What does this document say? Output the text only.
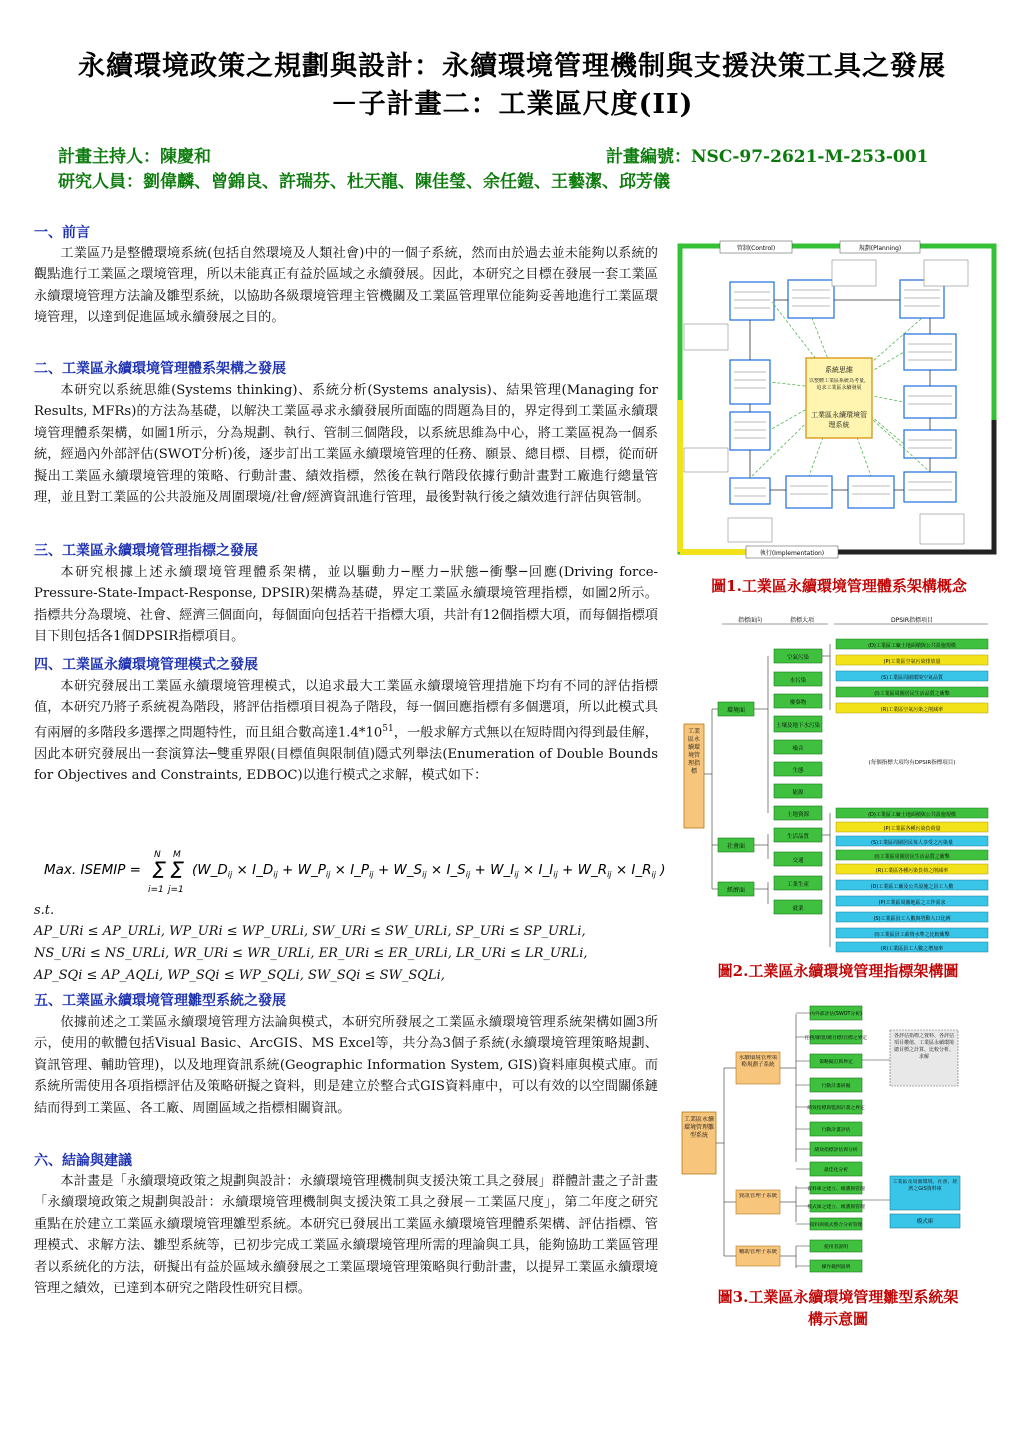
永續環境政策之規劃與設計：永續環境管理機制與支援決策工具之發展
－子計畫二：工業區尺度(II)
計畫主持人：陳慶和	計畫編號：NSC-97-2621-M-253-001
研究人員：劉偉麟、曾錦良、許瑞芬、杜天龍、陳佳瑩、余任鎧、王藝潔、邱芳儀
一、前言
工業區乃是整體環境系統(包括自然環境及人類社會)中的一個子系統，然而由於過去並未能夠以系統的觀點進行工業區之環境管理，所以未能真正有益於區域之永續發展。因此，本研究之目標在發展一套工業區永續環境管理方法論及雛型系統，以協助各級環境管理主管機關及工業區管理單位能夠妥善地進行工業區環境管理，以達到促進區域永續發展之目的。
二、工業區永續環境管理體系架構之發展
本研究以系統思維(Systems thinking)、系統分析(Systems analysis)、結果管理(Managing for Results, MFRs)的方法為基礎，以解決工業區尋求永續發展所面臨的問題為目的，界定得到工業區永續環境管理體系架構，如圖1所示，分為規劃、執行、管制三個階段，以系統思維為中心，將工業區視為一個系統，經過內外部評估(SWOT分析)後，逐步訂出工業區永續環境管理的任務、願景、總目標、目標，從而研擬出工業區永續環境管理的策略、行動計畫、績效指標，然後在執行階段依據行動計畫對工廠進行總量管理，並且對工業區的公共設施及周圍環境/社會/經濟資訊進行管理，最後對執行後之績效進行評估與管制。
三、工業區永續環境管理指標之發展
本研究根據上述永續環境管理體系架構，並以驅動力─壓力─狀態─衝擊─回應(Driving force-Pressure-State-Impact-Response, DPSIR)架構為基礎，界定工業區永續環境管理指標，如圖2所示。指標共分為環境、社會、經濟三個面向，每個面向包括若干指標大項，共計有12個指標大項，而每個指標項目下則包括各1個DPSIR指標項目。
四、工業區永續環境管理模式之發展
本研究發展出工業區永續環境管理模式，以追求最大工業區永續環境管理措施下均有不同的評估指標值，本研究乃將子系統視為階段，將評估指標項目視為子階段，每一個回應指標有多個選項，所以此模式具有兩層的多階段多選擇之問題特性，而且組合數高達$1.4*10^{51}$，一般求解方式無以在短時間內得到最佳解，因此本研究發展出一套演算法─雙重界限(目標值與限制值)隱式列舉法(Enumeration of Double Bounds for Objectives and Constraints, EDBOC)以進行模式之求解，模式如下：
Max. ISEMIP = Σ Σ
N M
i=1 j=1
($W\_D_{ij}$ × $I\_D_{ij}$ + $W\_P_{ij}$ × $I\_P_{ij}$ + $W\_S_{ij}$ × $I\_S_{ij}$ + $W\_I_{ij}$ × $I\_I_{ij}$ + $W\_R_{ij}$ × $I\_R_{ij}$ )
s.t.
AP_URi ≤ AP_URLi, WP_URi ≤ WP_URLi, SW_URi ≤ SW_URLi, SP_URi ≤ SP_URLi,
NS_URi ≤ NS_URLi, WR_URi ≤ WR_URLi, ER_URi ≤ ER_URLi, LR_URi ≤ LR_URLi,
AP_SQi ≤ AP_AQLi, WP_SQi ≤ WP_SQLi, SW_SQi ≤ SW_SQLi,
五、工業區永續環境管理雛型系統之發展
依據前述之工業區永續環境管理方法論與模式，本研究所發展之工業區永續環境管理系統架構如圖3所示，使用的軟體包括Visual Basic、ArcGIS、MS Excel等，共分為3個子系統(永續環境管理策略規劃、資訊管理、輔助管理)，以及地理資訊系統(Geographic Information System, GIS)資料庫與模式庫。而系統所需使用各項指標評估及策略研擬之資料，則是建立於整合式GIS資料庫中，可以有效的以空間關係鏈結而得到工業區、各工廠、周圍區域之指標相關資訊。
六、結論與建議
本計畫是「永續環境政策之規劃與設計：永續環境管理機制與支援決策工具之發展」群體計畫之子計畫「永續環境政策之規劃與設計：永續環境管理機制與支援決策工具之發展－工業區尺度」，第二年度之研究重點在於建立工業區永續環境管理雛型系統。本研究已發展出工業區永續環境管理體系架構、評估指標、管理模式、求解方法、雛型系統等，已初步完成工業區永續環境管理所需的理論與工具，能夠協助工業區管理者以系統化的方法，研擬出有益於區域永續發展之工業區環境管理策略與行動計畫，以提昇工業區永續環境管理之績效，已達到本研究之階段性研究目標。
管制(Control)	規劃(Planning)
執行(Implementation)
系統思維
以整體工業區系統為考量，追求工業區永續發展
工業區永續環境管理系統
圖1.工業區永續環境管理體系架構概念
指標面向	指標大項	DPSIR指標項目
工業區永續環境管理指標
環境面
社會面
經濟面
空氣污染
水污染
廢棄物
土壤及地下水污染
噪音
生態
能源
土地資源
生活品質
交通
工業生產
就業
(D)工業區工廠土地面積與公共設施規模
(P)工業區空氣污染排放量
(S)工業區周圍環境空氣品質
(I)工業區周圍居民生活品質之衝擊
(R)工業區空氣污染之削減率
(每個指標大項均有DPSIR指標項目)
(D)工業區工廠土地面積與公共設施規模
(P)工業區各種污染負荷量
(S)工業區周圍居民每人享受之污染量
(I)工業區周圍居民生活品質之衝擊
(R)工業區各種污染負荷之削減率
(D)工業區工廠及公共設施之員工人數
(P)工業區周圍地區之工作需求
(S)工業區員工人數與勞動人口比例
(I)工業區員工薪資水準之比較衝擊
(R)工業區員工人數之增加率
圖2.工業區永續環境管理指標架構圖
工業區永續環境管理雛型系統
永續環境管理策略規劃子系統
資訊管理子系統
輔助管理子系統
內外部評估(SWOT分析)
任務/願景/總目標/目標之界定
策略擬訂與界定
行動計畫研擬
績效指標與監測計畫之界定
行動計畫評估
績效指標評估與分析
最佳化分析
資料庫之建立、維護與管理
模式庫之建立、維護與管理
資料與模式整合分析管理
使用者說明
操作範例說明
各評估指標之資料、各評估項目權值、工業區永續環境總目標之計算、比較分析、求解
工業區及周圍環境、社會、經濟之GIS資料庫
模式庫
圖3.工業區永續環境管理雛型系統架
構示意圖
